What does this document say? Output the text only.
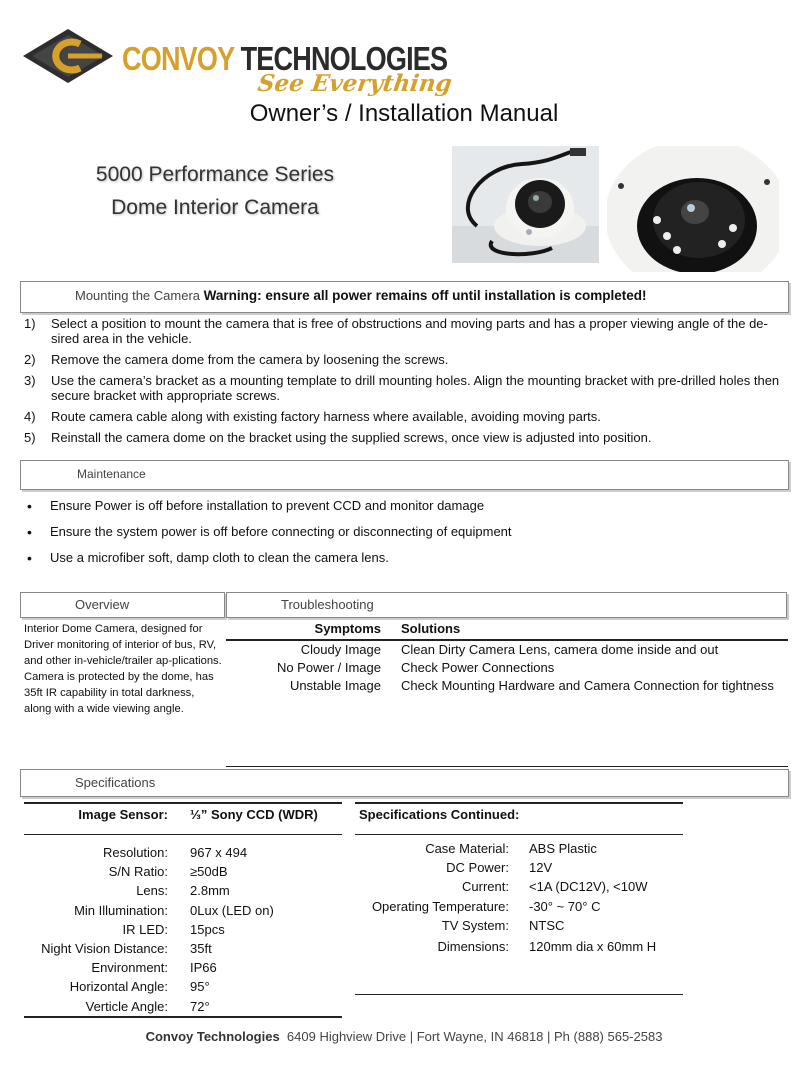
CONVOY TECHNOLOGIES
See Everything
Owner’s / Installation Manual
5000 Performance Series
Dome Interior Camera
Mounting the Camera Warning: ensure all power remains off until installation is completed!
1) Select a position to mount the camera that is free of obstructions and moving parts and has a proper viewing angle of the de-sired area in the vehicle.
2) Remove the camera dome from the camera by loosening the screws.
3) Use the camera’s bracket as a mounting template to drill mounting holes. Align the mounting bracket with pre-drilled holes then secure bracket with appropriate screws.
4) Route camera cable along with existing factory harness where available, avoiding moving parts.
5) Reinstall the camera dome on the bracket using the supplied screws, once view is adjusted into position.
Maintenance
• Ensure Power is off before installation to prevent CCD and monitor damage
• Ensure the system power is off before connecting or disconnecting of equipment
• Use a microfiber soft, damp cloth to clean the camera lens.
Overview	Troubleshooting
Interior Dome Camera, designed for Driver monitoring of interior of bus, RV, and other in-vehicle/trailer ap-plications. Camera is protected by the dome, has 35ft IR capability in total darkness, along with a wide viewing angle.
Symptoms	Solutions
Cloudy Image	Clean Dirty Camera Lens, camera dome inside and out
No Power / Image	Check Power Connections
Unstable Image	Check Mounting Hardware and Camera Connection for tightness
Specifications
Image Sensor: ⅓” Sony CCD (WDR)
Resolution: 967 x 494
S/N Ratio: ≥50dB
Lens: 2.8mm
Min Illumination: 0Lux (LED on)
IR LED: 15pcs
Night Vision Distance: 35ft
Environment: IP66
Horizontal Angle: 95°
Verticle Angle: 72°
Specifications Continued:
Case Material: ABS Plastic
DC Power: 12V
Current: <1A (DC12V), <10W
Operating Temperature: -30° ~ 70° C
TV System: NTSC
Dimensions: 120mm dia x 60mm H
Convoy Technologies 6409 Highview Drive | Fort Wayne, IN 46818 | Ph (888) 565-2583
